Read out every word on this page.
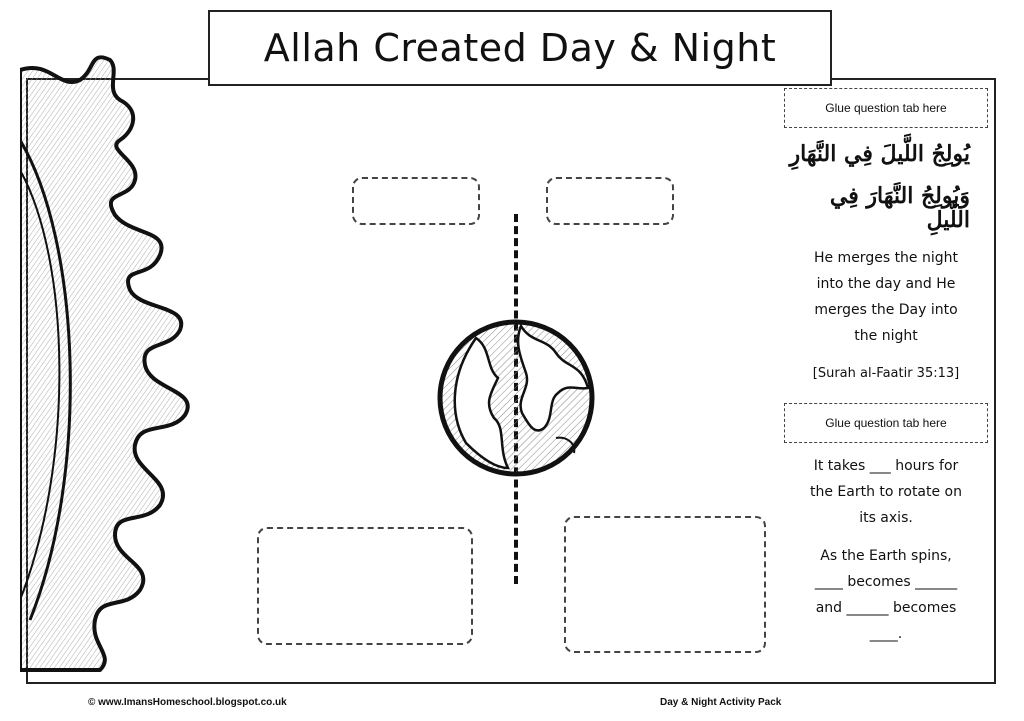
Allah Created Day & Night
Glue question tab here
يُولِجُ اللَّيلَ فِي النَّهَارِ
وَيُولِجُ النَّهَارَ فِي اللَّيلِ
He merges the night
into the day and He
merges the Day into
the night
[Surah al-Faatir 35:13]
Glue question tab here
It takes ___ hours for
the Earth to rotate on
its axis.
As the Earth spins,
____ becomes ______
and ______ becomes
____.
© www.ImansHomeschool.blogspot.co.uk	Day & Night Activity Pack
